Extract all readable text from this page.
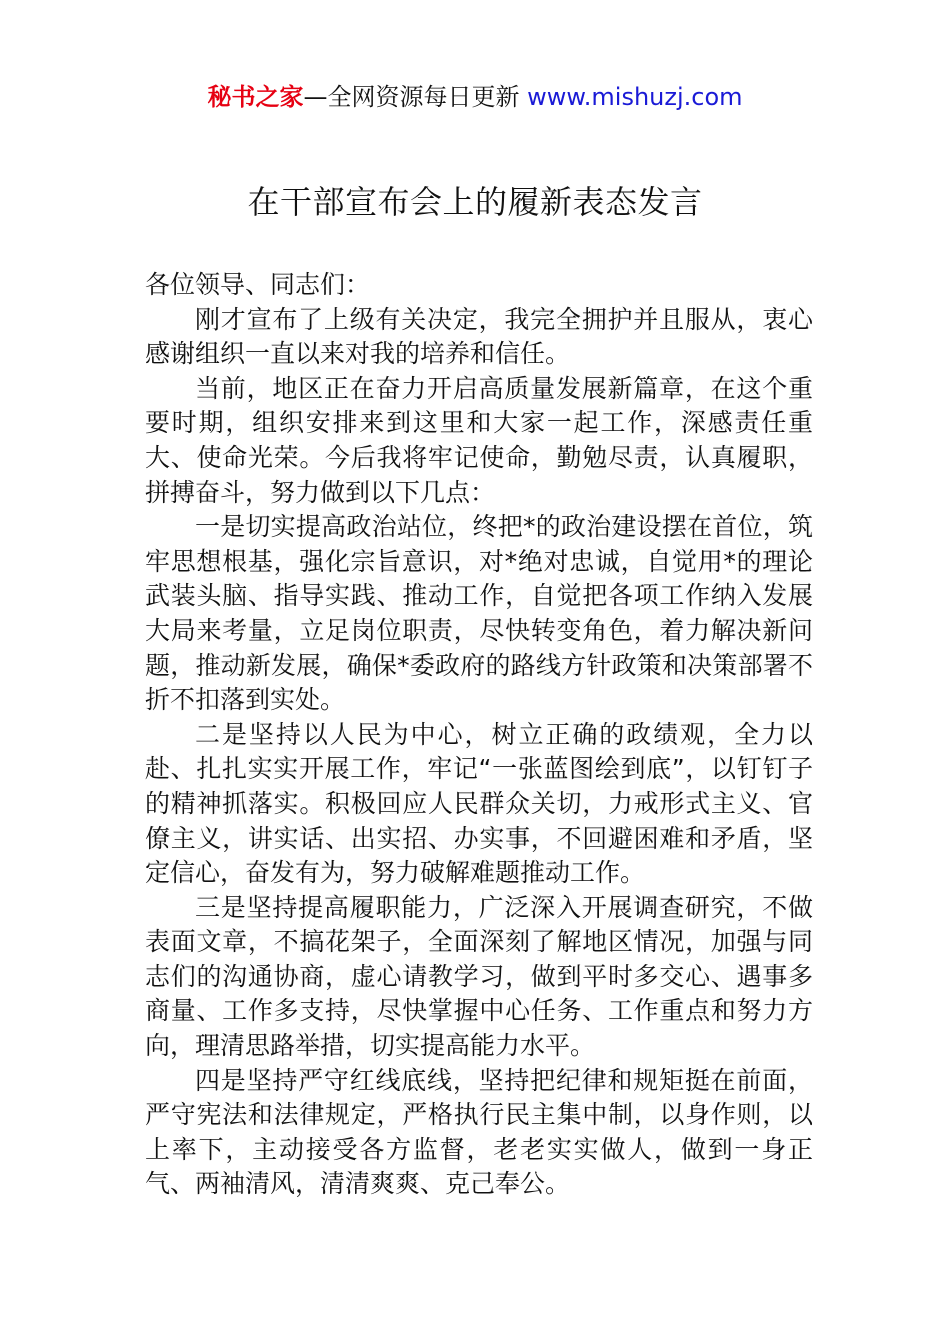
秘书之家—全网资源每日更新 www.mishuzj.com
在干部宣布会上的履新表态发言

各位领导、同志们：

刚才宣布了上级有关决定，我完全拥护并且服从，衷心感谢组织一直以来对我的培养和信任。

当前，地区正在奋力开启高质量发展新篇章，在这个重要时期，组织安排来到这里和大家一起工作，深感责任重大、使命光荣。今后我将牢记使命，勤勉尽责，认真履职，拼搏奋斗，努力做到以下几点：

一是切实提高政治站位，终把*的政治建设摆在首位，筑牢思想根基，强化宗旨意识，对*绝对忠诚，自觉用*的理论武装头脑、指导实践、推动工作，自觉把各项工作纳入发展大局来考量，立足岗位职责，尽快转变角色，着力解决新问题，推动新发展，确保*委政府的路线方针政策和决策部署不折不扣落到实处。

二是坚持以人民为中心，树立正确的政绩观，全力以赴、扎扎实实开展工作，牢记“一张蓝图绘到底”，以钉钉子的精神抓落实。积极回应人民群众关切，力戒形式主义、官僚主义，讲实话、出实招、办实事，不回避困难和矛盾，坚定信心，奋发有为，努力破解难题推动工作。

三是坚持提高履职能力，广泛深入开展调查研究，不做表面文章，不搞花架子，全面深刻了解地区情况，加强与同志们的沟通协商，虚心请教学习，做到平时多交心、遇事多商量、工作多支持，尽快掌握中心任务、工作重点和努力方向，理清思路举措，切实提高能力水平。

四是坚持严守红线底线，坚持把纪律和规矩挺在前面，严守宪法和法律规定，严格执行民主集中制，以身作则，以上率下，主动接受各方监督，老老实实做人，做到一身正气、两袖清风，清清爽爽、克己奉公。
